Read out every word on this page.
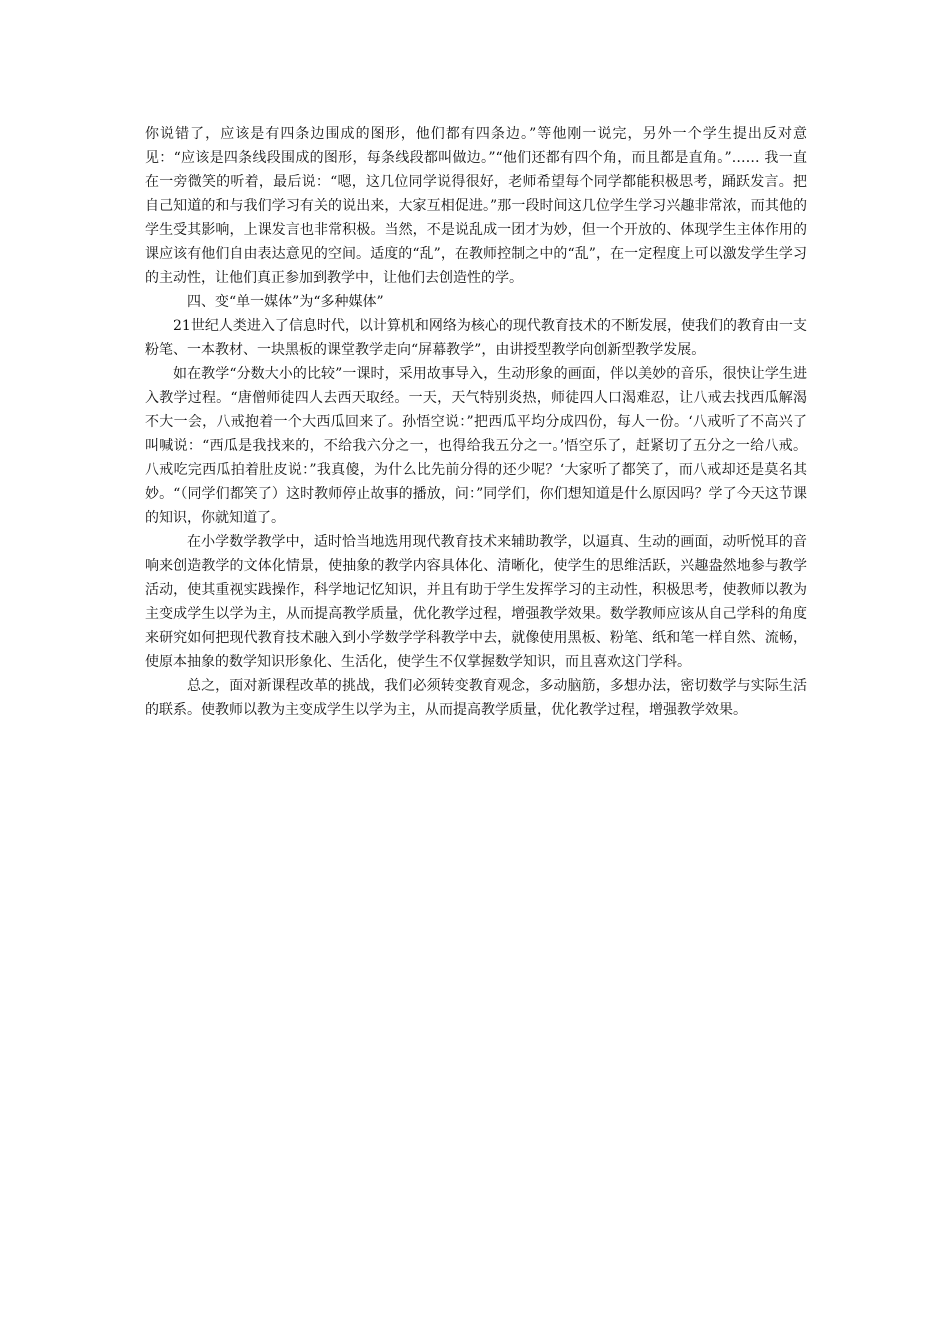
你说错了，应该是有四条边围成的图形，他们都有四条边。”等他刚一说完，另外一个学生提出反对意见：“应该是四条线段围成的图形，每条线段都叫做边。”“他们还都有四个角，而且都是直角。”…… 我一直在一旁微笑的听着，最后说：“嗯，这几位同学说得很好，老师希望每个同学都能积极思考，踊跃发言。把自己知道的和与我们学习有关的说出来，大家互相促进。”那一段时间这几位学生学习兴趣非常浓，而其他的学生受其影响，上课发言也非常积极。当然，不是说乱成一团才为妙，但一个开放的、体现学生主体作用的课应该有他们自由表达意见的空间。适度的“乱”，在教师控制之中的“乱”，在一定程度上可以激发学生学习的主动性，让他们真正参加到教学中，让他们去创造性的学。

四、变“单一媒体”为“多种媒体”

21世纪人类进入了信息时代，以计算机和网络为核心的现代教育技术的不断发展，使我们的教育由一支粉笔、一本教材、一块黑板的课堂教学走向“屏幕教学”，由讲授型教学向创新型教学发展。

如在教学“分数大小的比较”一课时，采用故事导入，生动形象的画面，伴以美妙的音乐，很快让学生进入教学过程。“唐僧师徒四人去西天取经。一天，天气特别炎热，师徒四人口渴难忍，让八戒去找西瓜解渴不大一会，八戒抱着一个大西瓜回来了。孙悟空说：”把西瓜平均分成四份，每人一份。‘八戒听了不高兴了叫喊说：“西瓜是我找来的，不给我六分之一，也得给我五分之一。’悟空乐了，赶紧切了五分之一给八戒。八戒吃完西瓜拍着肚皮说：”我真傻，为什么比先前分得的还少呢？‘大家听了都笑了，而八戒却还是莫名其妙。“（同学们都笑了）这时教师停止故事的播放，问：”同学们，你们想知道是什么原因吗？学了今天这节课的知识，你就知道了。

在小学数学教学中，适时恰当地选用现代教育技术来辅助教学，以逼真、生动的画面，动听悦耳的音响来创造教学的文体化情景，使抽象的教学内容具体化、清晰化，使学生的思维活跃，兴趣盎然地参与教学活动，使其重视实践操作，科学地记忆知识，并且有助于学生发挥学习的主动性，积极思考，使教师以教为主变成学生以学为主，从而提高教学质量，优化教学过程，增强教学效果。数学教师应该从自己学科的角度来研究如何把现代教育技术融入到小学数学学科教学中去，就像使用黑板、粉笔、纸和笔一样自然、流畅，使原本抽象的数学知识形象化、生活化，使学生不仅掌握数学知识，而且喜欢这门学科。

总之，面对新课程改革的挑战，我们必须转变教育观念，多动脑筋，多想办法，密切数学与实际生活的联系。使教师以教为主变成学生以学为主，从而提高教学质量，优化教学过程，增强教学效果。
